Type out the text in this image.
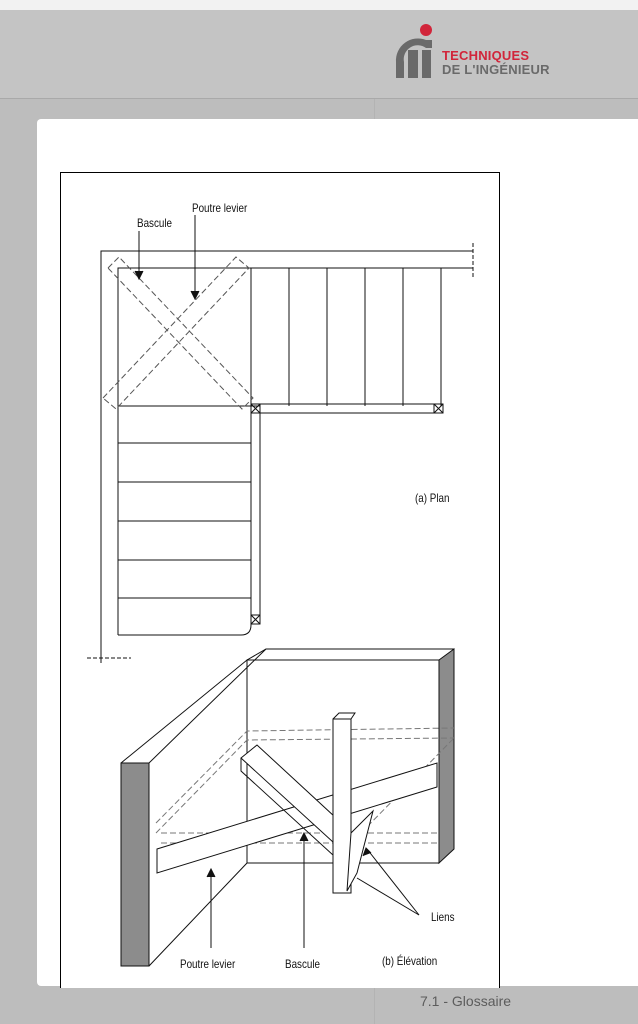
TECHNIQUES
DE L'INGÉNIEUR
Bascule
Poutre levier
(a) Plan
Liens
Poutre levier	Bascule	(b) Élévation
7.1 - Glossaire
